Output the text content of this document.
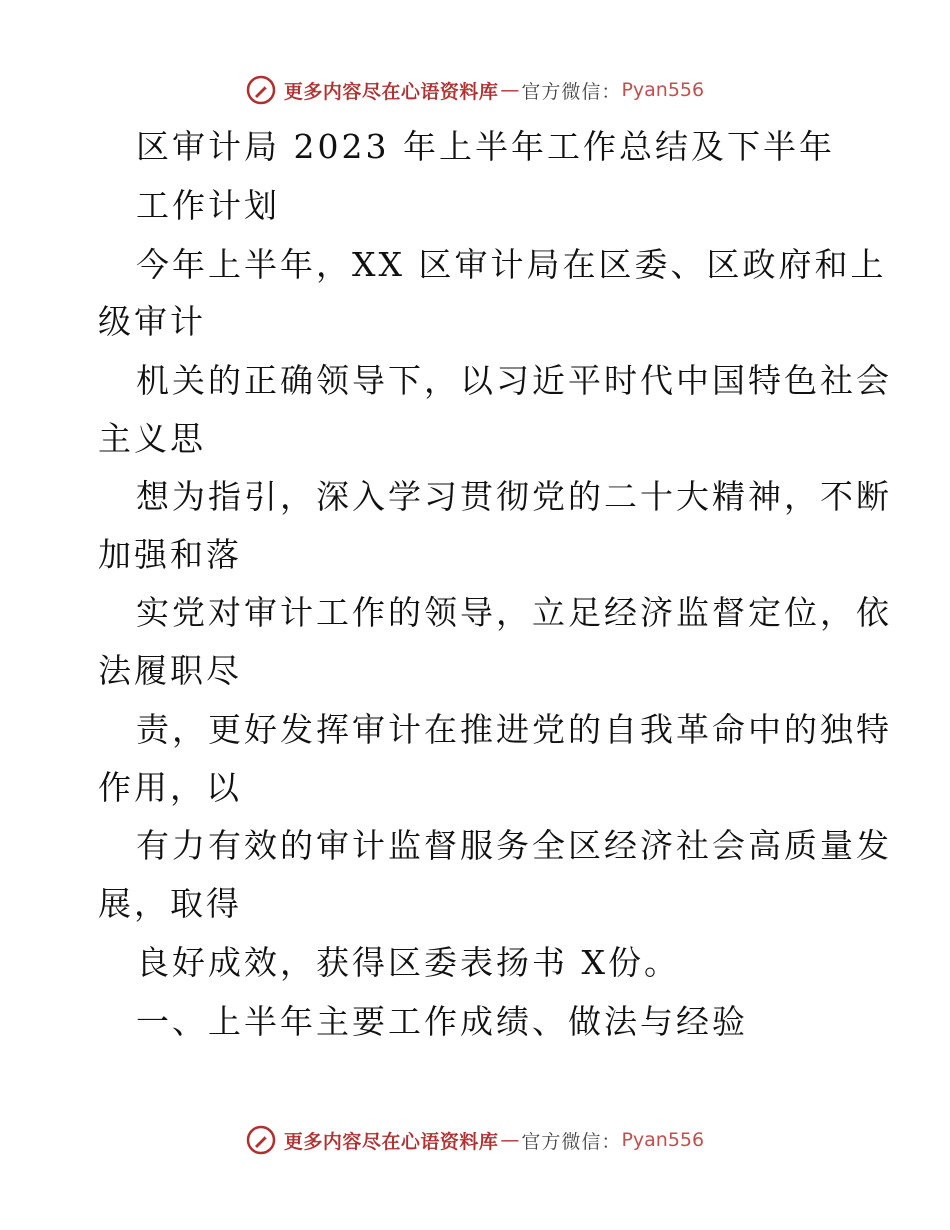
更多内容尽在心语资料库 — 官方微信： Pyan556
区审计局 2023 年上半年工作总结及下半年
工作计划
今年上半年，XX 区审计局在区委、区政府和上
级审计
机关的正确领导下，以习近平时代中国特色社会
主义思
想为指引，深入学习贯彻党的二十大精神，不断
加强和落
实党对审计工作的领导，立足经济监督定位，依
法履职尽
责，更好发挥审计在推进党的自我革命中的独特
作用，以
有力有效的审计监督服务全区经济社会高质量发
展，取得
良好成效，获得区委表扬书 X份。
一、上半年主要工作成绩、做法与经验
更多内容尽在心语资料库 — 官方微信： Pyan556
